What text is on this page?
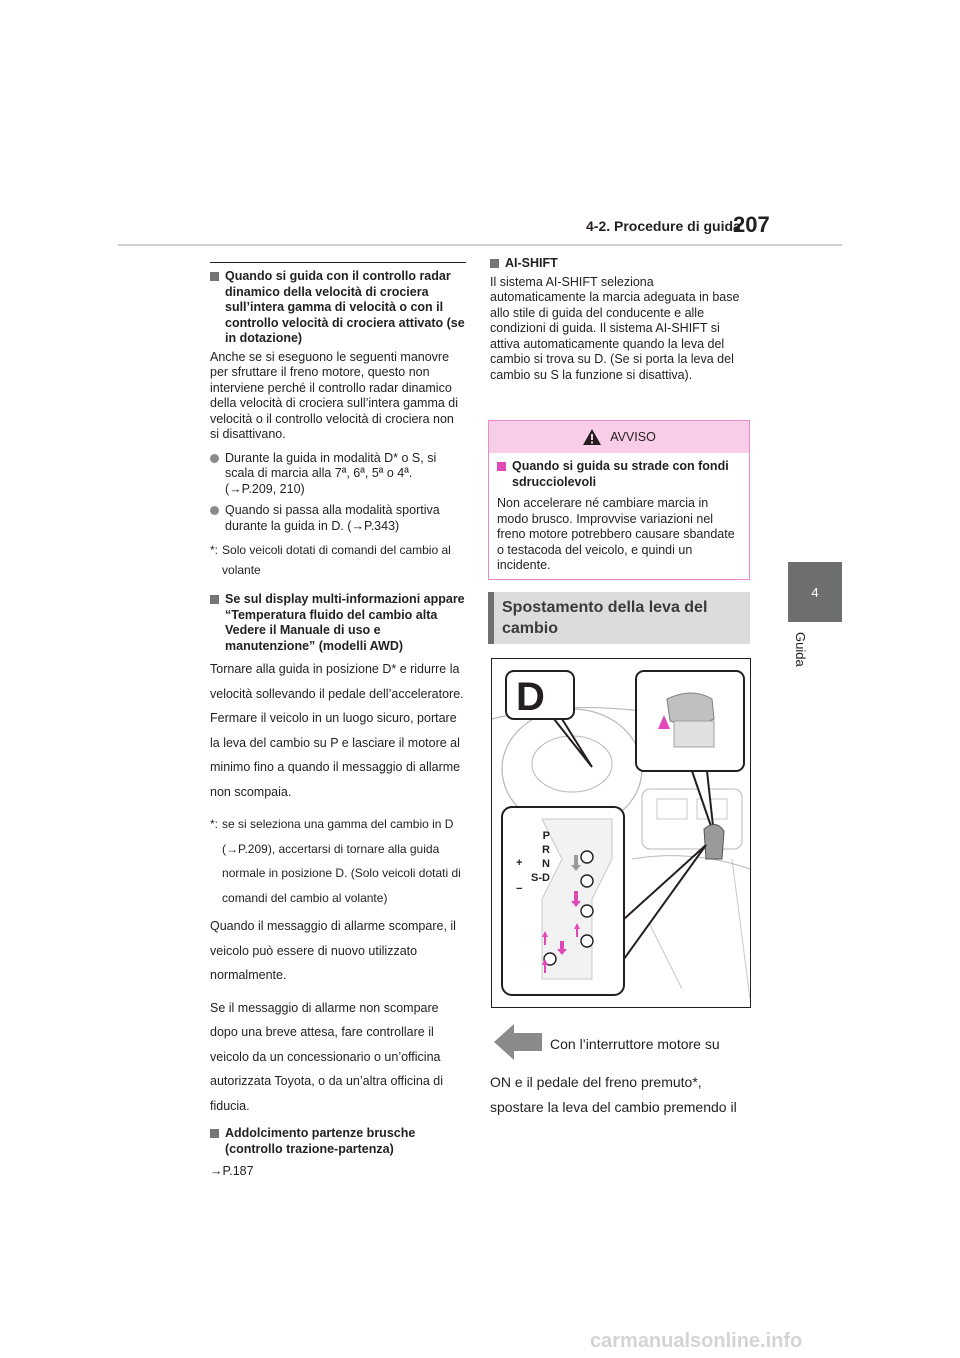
4-2. Procedure di guida
207
4
Guida
Quando si guida con il controllo radar dinamico della velocità di crociera sull’intera gamma di velocità o con il controllo velocità di crociera attivato (se in dotazione)

Anche se si eseguono le seguenti manovre per sfruttare il freno motore, questo non interviene perché il controllo radar dinamico della velocità di crociera sull’intera gamma di velocità o il controllo velocità di crociera non si disattivano.

Durante la guida in modalità D* o S, si scala di marcia alla 7ª, 6ª, 5ª o 4ª. (→P.209, 210)
Quando si passa alla modalità sportiva durante la guida in D. (→P.343)
*: Solo veicoli dotati di comandi del cambio al volante
Se sul display multi-informazioni appare “Temperatura fluido del cambio alta Vedere il Manuale di uso e manutenzione” (modelli AWD)

Tornare alla guida in posizione D* e ridurre la velocità sollevando il pedale dell’acceleratore. Fermare il veicolo in un luogo sicuro, portare la leva del cambio su P e lasciare il motore al minimo fino a quando il messaggio di allarme non scompaia.

*: se si seleziona una gamma del cambio in D (→P.209), accertarsi di tornare alla guida normale in posizione D. (Solo veicoli dotati di comandi del cambio al volante)

Quando il messaggio di allarme scompare, il veicolo può essere di nuovo utilizzato normalmente.

Se il messaggio di allarme non scompare dopo una breve attesa, fare controllare il veicolo da un concessionario o un’officina autorizzata Toyota, o da un’altra officina di fiducia.

Addolcimento partenze brusche (controllo trazione-partenza)

→P.187

AI-SHIFT

Il sistema AI-SHIFT seleziona automaticamente la marcia adeguata in base allo stile di guida del conducente e alle condizioni di guida. Il sistema AI-SHIFT si attiva automaticamente quando la leva del cambio si trova su D. (Se si porta la leva del cambio su S la funzione si disattiva).

AVVISO
Quando si guida su strade con fondi sdrucciolevoli
Non accelerare né cambiare marcia in modo brusco. Improvvise variazioni nel freno motore potrebbero causare sbandate o testacoda del veicolo, e quindi un incidente.
Spostamento della leva del cambio
D
P
R
N
S-D
+
−
Con l’interruttore motore su
ON e il pedale del freno premuto*, spostare la leva del cambio premendo il
carmanualsonline.info
